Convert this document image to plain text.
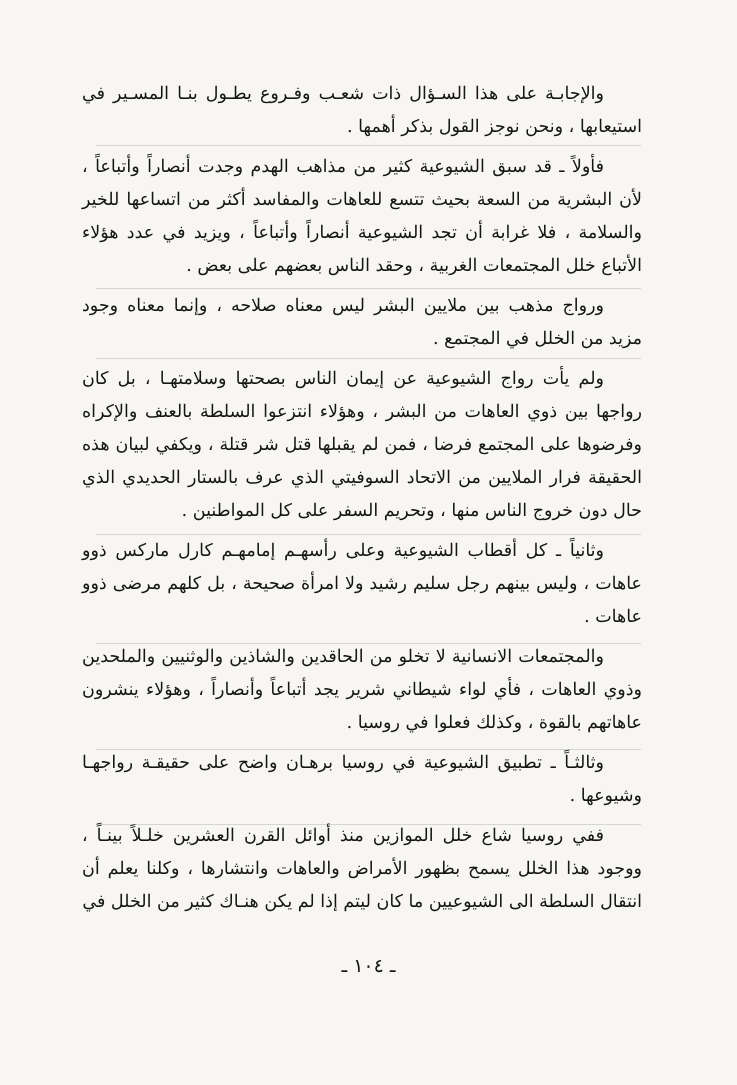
والإجابـة على هذا السـؤال ذات شعـب وفـروع يطـول بنـا المسـير في استيعابها ، ونحن نوجز القول بذكر أهمها .

فأولاً ـ قد سبق الشيوعية كثير من مذاهب الهدم وجدت أنصاراً وأتباعاً ، لأن البشرية من السعة بحيث تتسع للعاهات والمفاسد أكثر من اتساعها للخير والسلامة ، فلا غرابة أن تجد الشيوعية أنصاراً وأتباعاً ، ويزيد في عدد هؤلاء الأتباع خلل المجتمعات الغربية ، وحقد الناس بعضهم على بعض .

ورواج مذهب بين ملايين البشر ليس معناه صلاحه ، وإنما معناه وجود مزيد من الخلل في المجتمع .

ولم يأت رواج الشيوعية عن إيمان الناس بصحتها وسلامتهـا ، بل كان رواجها بين ذوي العاهات من البشر ، وهؤلاء انتزعوا السلطة بالعنف والإكراه وفرضوها على المجتمع فرضا ، فمن لم يقبلها قتل شر قتلة ، ويكفي لبيان هذه الحقيقة فرار الملايين من الاتحاد السوفيتي الذي عرف بالستار الحديدي الذي حال دون خروج الناس منها ، وتحريم السفر على كل المواطنين .

وثانياً ـ كل أقطاب الشيوعية وعلى رأسهـم إمامهـم كارل ماركس ذوو عاهات ، وليس بينهم رجل سليم رشيد ولا امرأة صحيحة ، بل كلهم مرضى ذوو عاهات .

والمجتمعات الانسانية لا تخلو من الحاقدين والشاذين والوثنيين والملحدين وذوي العاهات ، فأي لواء شيطاني شرير يجد أتباعاً وأنصاراً ، وهؤلاء ينشرون عاهاتهم بالقوة ، وكذلك فعلوا في روسيا .

وثالثـاً ـ تطبيق الشيوعية في روسيا برهـان واضح على حقيقـة رواجهـا وشيوعها .

ففي روسيا شاع خلل الموازين منذ أوائل القرن العشرين خلـلاً بينـاً ، ووجود هذا الخلل يسمح بظهور الأمراض والعاهات وانتشارها ، وكلنا يعلم أن انتقال السلطة الى الشيوعيين ما كان ليتم إذا لم يكن هنـاك كثير من الخلل في

ـ ١٠٤ ـ
